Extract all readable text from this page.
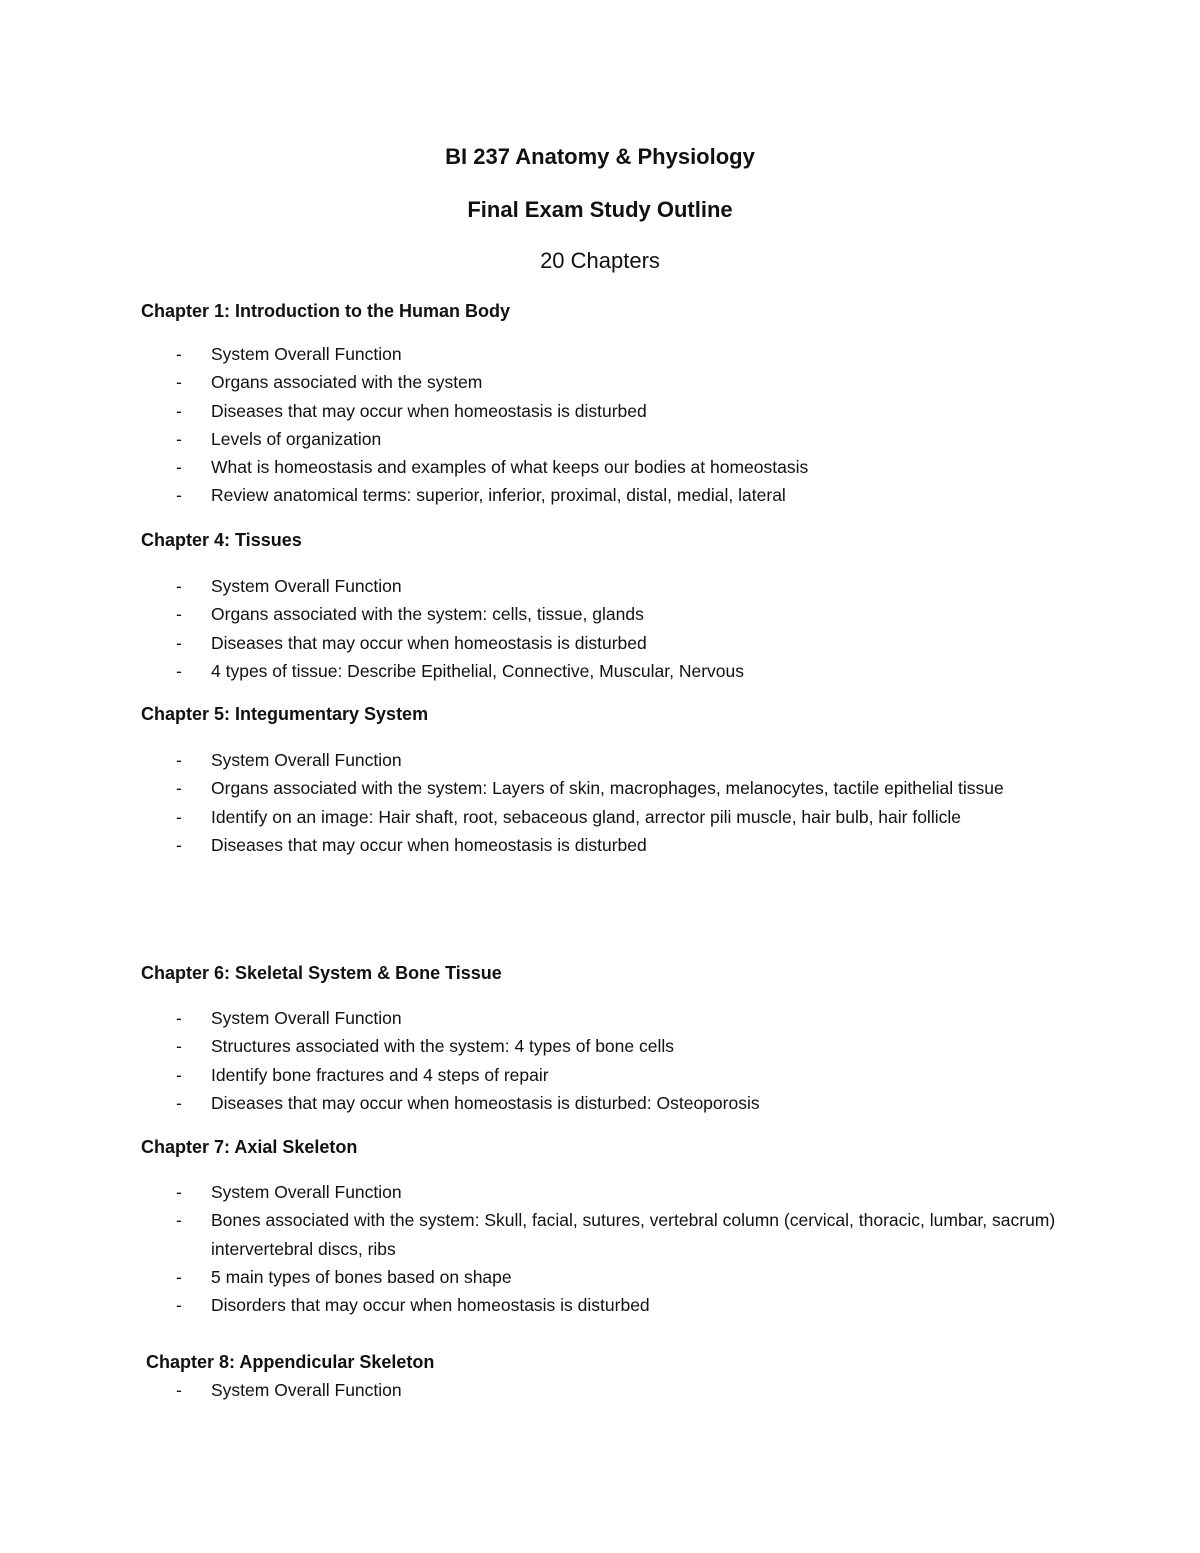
BI 237 Anatomy & Physiology
Final Exam Study Outline
20 Chapters
Chapter 1: Introduction to the Human Body
- System Overall Function
- Organs associated with the system
- Diseases that may occur when homeostasis is disturbed
- Levels of organization
- What is homeostasis and examples of what keeps our bodies at homeostasis
- Review anatomical terms: superior, inferior, proximal, distal, medial, lateral
Chapter 4: Tissues
- System Overall Function
- Organs associated with the system: cells, tissue, glands
- Diseases that may occur when homeostasis is disturbed
- 4 types of tissue: Describe Epithelial, Connective, Muscular, Nervous
Chapter 5: Integumentary System
- System Overall Function
- Organs associated with the system: Layers of skin, macrophages, melanocytes, tactile epithelial tissue
- Identify on an image: Hair shaft, root, sebaceous gland, arrector pili muscle, hair bulb, hair follicle
- Diseases that may occur when homeostasis is disturbed
Chapter 6: Skeletal System & Bone Tissue
- System Overall Function
- Structures associated with the system: 4 types of bone cells
- Identify bone fractures and 4 steps of repair
- Diseases that may occur when homeostasis is disturbed: Osteoporosis
Chapter 7: Axial Skeleton
- System Overall Function
- Bones associated with the system: Skull, facial, sutures, vertebral column (cervical, thoracic, lumbar, sacrum) intervertebral discs, ribs
- 5 main types of bones based on shape
- Disorders that may occur when homeostasis is disturbed
Chapter 8: Appendicular Skeleton
- System Overall Function
